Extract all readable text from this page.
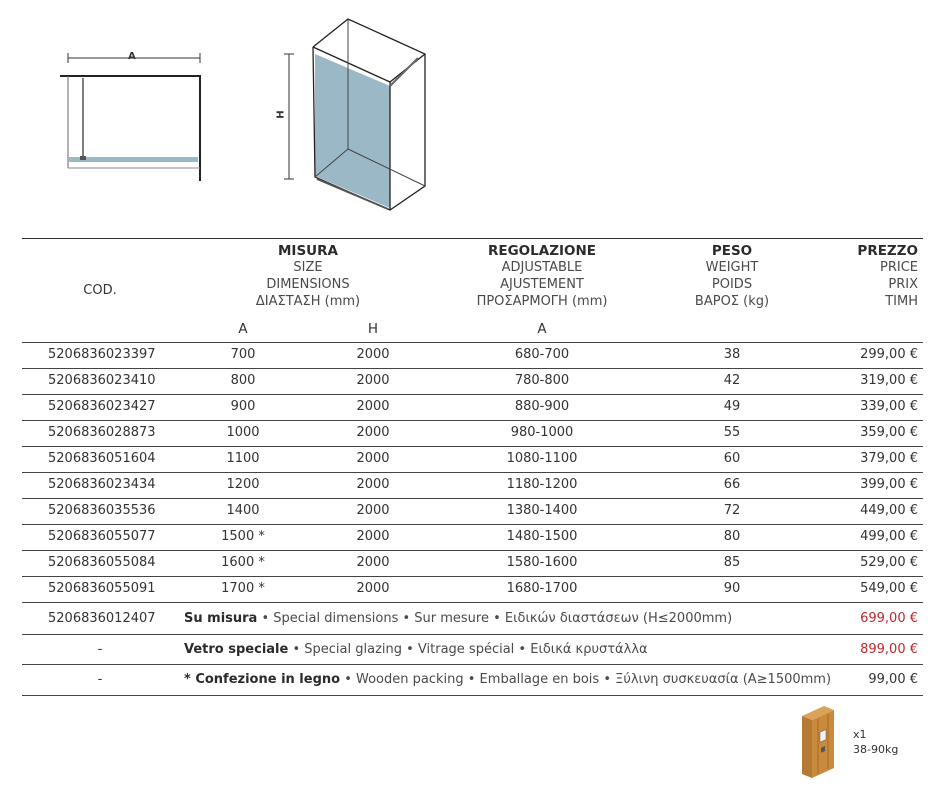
A
H
COD.
MISURA
SIZE
DIMENSIONS
ΔΙΑΣΤΑΣΗ (mm)
REGOLAZIONE
ADJUSTABLE
AJUSTEMENT
ΠΡΟΣΑΡΜΟΓΗ (mm)
PESO
WEIGHT
POIDS
ΒΑΡΟΣ (kg)
PREZZO
PRICE
PRIX
ΤΙΜΗ
A	H	A
5206836023397	700	2000	680-700	38	299,00 €
5206836023410	800	2000	780-800	42	319,00 €
5206836023427	900	2000	880-900	49	339,00 €
5206836028873	1000	2000	980-1000	55	359,00 €
5206836051604	1100	2000	1080-1100	60	379,00 €
5206836023434	1200	2000	1180-1200	66	399,00 €
5206836035536	1400	2000	1380-1400	72	449,00 €
5206836055077	1500 *	2000	1480-1500	80	499,00 €
5206836055084	1600 *	2000	1580-1600	85	529,00 €
5206836055091	1700 *	2000	1680-1700	90	549,00 €
5206836012407 Su misura • Special dimensions • Sur mesure • Ειδικών διαστάσεων (H≤2000mm)	699,00 €
-	Vetro speciale • Special glazing • Vitrage spécial • Ειδικά κρυστάλλα	899,00 €
-	* Confezione in legno • Wooden packing • Emballage en bois • Ξύλινη συσκευασία (A≥1500mm)	99,00 €
x1
38-90kg
